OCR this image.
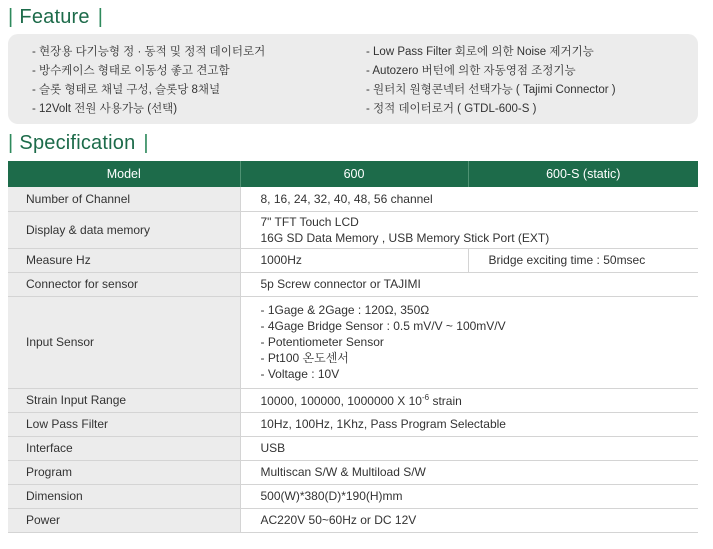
| Feature |
- 현장용 다기능형 정 · 동적 및 정적 데이터로거
- 방수케이스 형태로 이동성 좋고 견고함
- 슬롯 형태로 채널 구성, 슬롯당 8채널
- 12Volt 전원 사용가능 (선택)
- Low Pass Filter 회로에 의한 Noise 제거기능
- Autozero 버턴에 의한 자동영점 조정기능
- 원터치 원형콘넥터 선택가능 ( Tajimi Connector )
- 정적 데이터로거 ( GTDL-600-S )
| Specification |
Model	600	600-S (static)
Number of Channel	8, 16, 24, 32, 40, 48, 56 channel	
Display & data memory	7" TFT Touch LCD
16G SD Data Memory , USB Memory Stick Port (EXT)	

Measure Hz	1000Hz	Bridge exciting time : 50msec
Connector for sensor	5p Screw connector or TAJIMI	
Input Sensor	- 1Gage & 2Gage : 120Ω, 350Ω
- 4Gage Bridge Sensor : 0.5 mV/V ~ 100mV/V
- Potentiometer Sensor
- Pt100 온도센서
- Voltage : 10V	

Strain Input Range	10000, 100000, 1000000 X $10^{-6}$ strain	
Low Pass Filter	10Hz, 100Hz, 1Khz, Pass Program Selectable	
Interface	USB	
Program	Multiscan S/W & Multiload S/W	
Dimension	500(W)*380(D)*190(H)mm	
Power	AC220V 50~60Hz or DC 12V	
